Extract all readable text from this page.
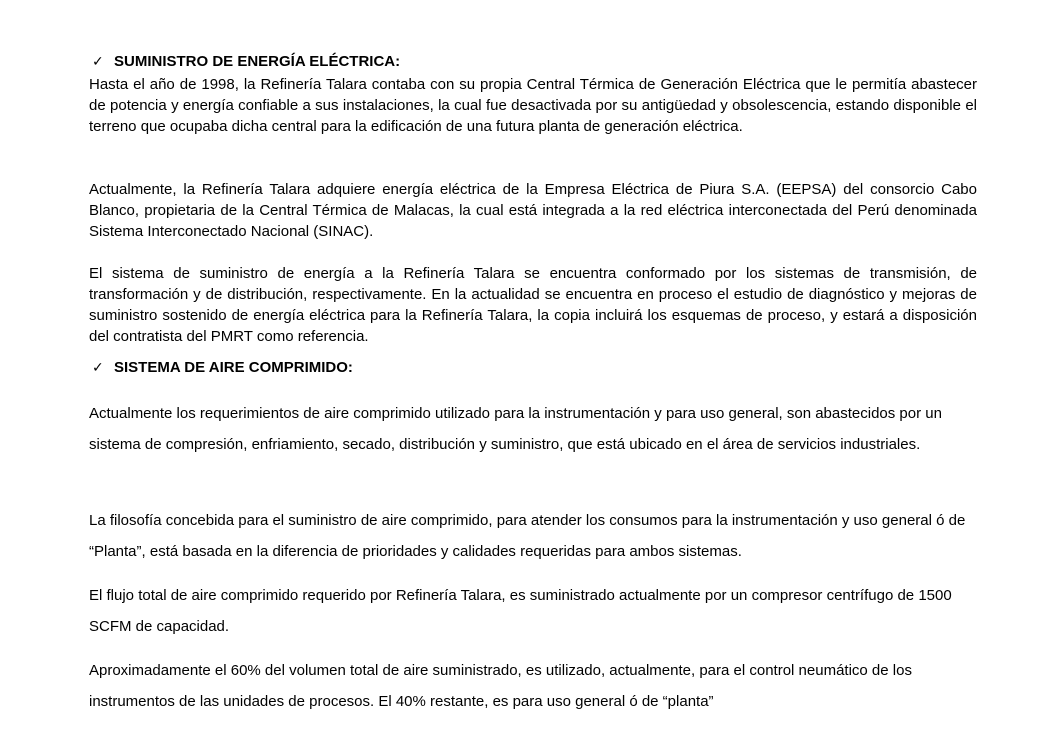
✓ SUMINISTRO DE ENERGÍA ELÉCTRICA:
Hasta el año de 1998, la Refinería Talara contaba con su propia Central Térmica de Generación Eléctrica que le permitía abastecer de potencia y energía confiable a sus instalaciones, la cual fue desactivada por su antigüedad y obsolescencia, estando disponible el terreno que ocupaba dicha central para la edificación de una futura planta de generación eléctrica.
Actualmente, la Refinería Talara adquiere energía eléctrica de la Empresa Eléctrica de Piura S.A. (EEPSA) del consorcio Cabo Blanco, propietaria de la Central Térmica de Malacas, la cual está integrada a la red eléctrica interconectada del Perú denominada Sistema Interconectado Nacional (SINAC).
El sistema de suministro de energía a la Refinería Talara se encuentra conformado por los sistemas de transmisión, de transformación y de distribución, respectivamente. En la actualidad se encuentra en proceso el estudio de diagnóstico y mejoras de suministro sostenido de energía eléctrica para la Refinería Talara, la copia incluirá los esquemas de proceso, y estará a disposición del contratista del PMRT como referencia.
✓ SISTEMA DE AIRE COMPRIMIDO:
Actualmente los requerimientos de aire comprimido utilizado para la instrumentación y para uso general, son abastecidos por un sistema de compresión, enfriamiento, secado, distribución y suministro, que está ubicado en el área de servicios industriales.
La filosofía concebida para el suministro de aire comprimido, para atender los consumos para la instrumentación y uso general ó de “Planta”, está basada en la diferencia de prioridades y calidades requeridas para ambos sistemas.
El flujo total de aire comprimido requerido por Refinería Talara, es suministrado actualmente por un compresor centrífugo de 1500 SCFM de capacidad.
Aproximadamente el 60% del volumen total de aire suministrado, es utilizado, actualmente, para el control neumático de los instrumentos de las unidades de procesos. El 40% restante, es para uso general ó de “planta”
